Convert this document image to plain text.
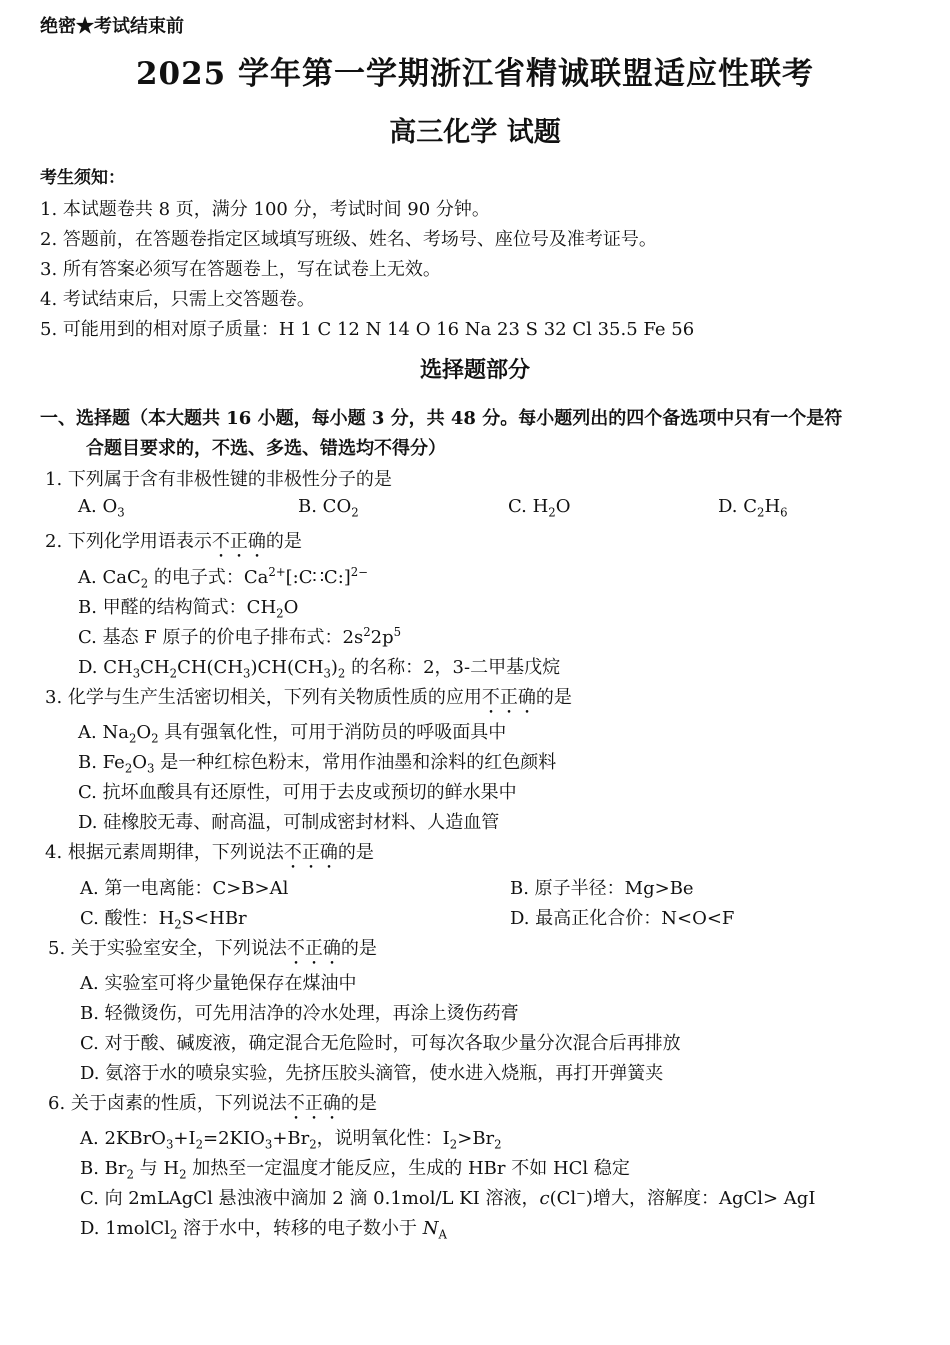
绝密★考试结束前
2025 学年第一学期浙江省精诚联盟适应性联考
高三化学 试题
考生须知：
1. 本试题卷共 8 页，满分 100 分，考试时间 90 分钟。
2. 答题前，在答题卷指定区域填写班级、姓名、考场号、座位号及准考证号。
3. 所有答案必须写在答题卷上，写在试卷上无效。
4. 考试结束后，只需上交答题卷。
5. 可能用到的相对原子质量：H 1 C 12 N 14 O 16 Na 23 S 32 Cl 35.5 Fe 56
选择题部分
一、选择题（本大题共 16 小题，每小题 3 分，共 48 分。每小题列出的四个备选项中只有一个是符
合题目要求的，不选、多选、错选均不得分）
1. 下列属于含有非极性键的非极性分子的是
A. $O_3$	B. $CO_2$	C. $H_2O$	D. $C_2H_6$
2. 下列化学用语表示不正确的是
A. CaC$_2$ 的电子式：$Ca^{2+}[:C∷C:]^{2-}$
B. 甲醛的结构简式：$CH_2O$
C. 基态 F 原子的价电子排布式：$2s^22p^5$
D. $CH_3CH_2CH(CH_3)CH(CH_3)_2$ 的名称：2，3-二甲基戊烷
3. 化学与生产生活密切相关，下列有关物质性质的应用不正确的是
A. $Na_2O_2$ 具有强氧化性，可用于消防员的呼吸面具中
B. $Fe_2O_3$ 是一种红棕色粉末，常用作油墨和涂料的红色颜料
C. 抗坏血酸具有还原性，可用于去皮或预切的鲜水果中
D. 硅橡胶无毒、耐高温，可制成密封材料、人造血管
4. 根据元素周期律，下列说法不正确的是
A. 第一电离能：C>B>Al	B. 原子半径：Mg>Be
C. 酸性：$H_2S<HBr$	D. 最高正化合价：N<O<F
5. 关于实验室安全，下列说法不正确的是
A. 实验室可将少量铯保存在煤油中
B. 轻微烫伤，可先用洁净的冷水处理，再涂上烫伤药膏
C. 对于酸、碱废液，确定混合无危险时，可每次各取少量分次混合后再排放
D. 氨溶于水的喷泉实验，先挤压胶头滴管，使水进入烧瓶，再打开弹簧夹
6. 关于卤素的性质，下列说法不正确的是
A. $2KBrO_3+I_2=2KIO_3+Br_2$，说明氧化性：$I_2>Br_2$
B. $Br_2$ 与 $H_2$ 加热至一定温度才能反应，生成的 HBr 不如 HCl 稳定
C. 向 2mLAgCl 悬浊液中滴加 2 滴 0.1mol/L KI 溶液，c(Cl−)增大，溶解度：AgCl> AgI
D. 1molCl$_2$ 溶于水中，转移的电子数小于 $N_A$
